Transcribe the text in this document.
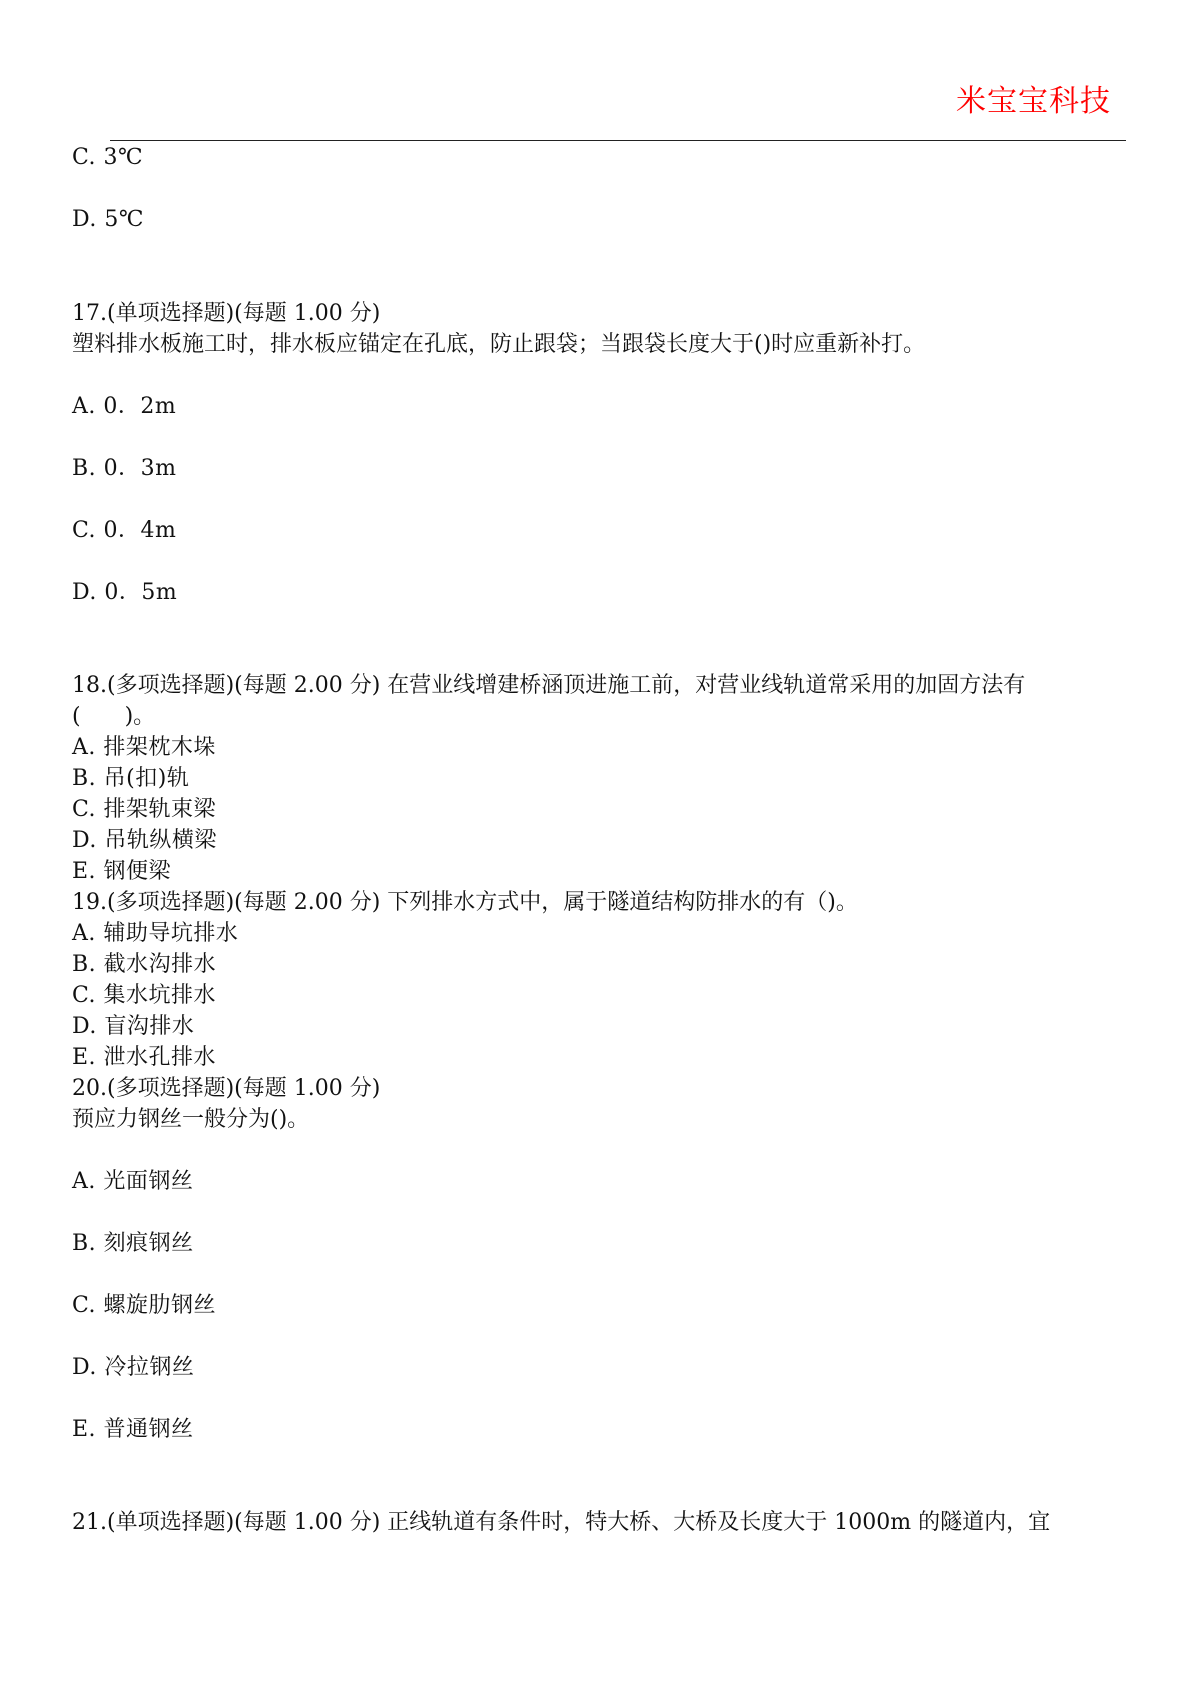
米宝宝科技
C. 3℃
D. 5℃
17.(单项选择题)(每题 1.00 分)
塑料排水板施工时，排水板应锚定在孔底，防止跟袋；当跟袋长度大于()时应重新补打。
A. 0．2m
B. 0．3m
C. 0．4m
D. 0．5m
18.(多项选择题)(每题 2.00 分) 在营业线增建桥涵顶进施工前，对营业线轨道常采用的加固方法有
(　　)。
A. 排架枕木垛
B. 吊(扣)轨
C. 排架轨束梁
D. 吊轨纵横梁
E. 钢便梁
19.(多项选择题)(每题 2.00 分) 下列排水方式中，属于隧道结构防排水的有（)。
A. 辅助导坑排水
B. 截水沟排水
C. 集水坑排水
D. 盲沟排水
E. 泄水孔排水
20.(多项选择题)(每题 1.00 分)
预应力钢丝一般分为()。
A. 光面钢丝
B. 刻痕钢丝
C. 螺旋肋钢丝
D. 冷拉钢丝
E. 普通钢丝
21.(单项选择题)(每题 1.00 分) 正线轨道有条件时，特大桥、大桥及长度大于 1000m 的隧道内，宜
